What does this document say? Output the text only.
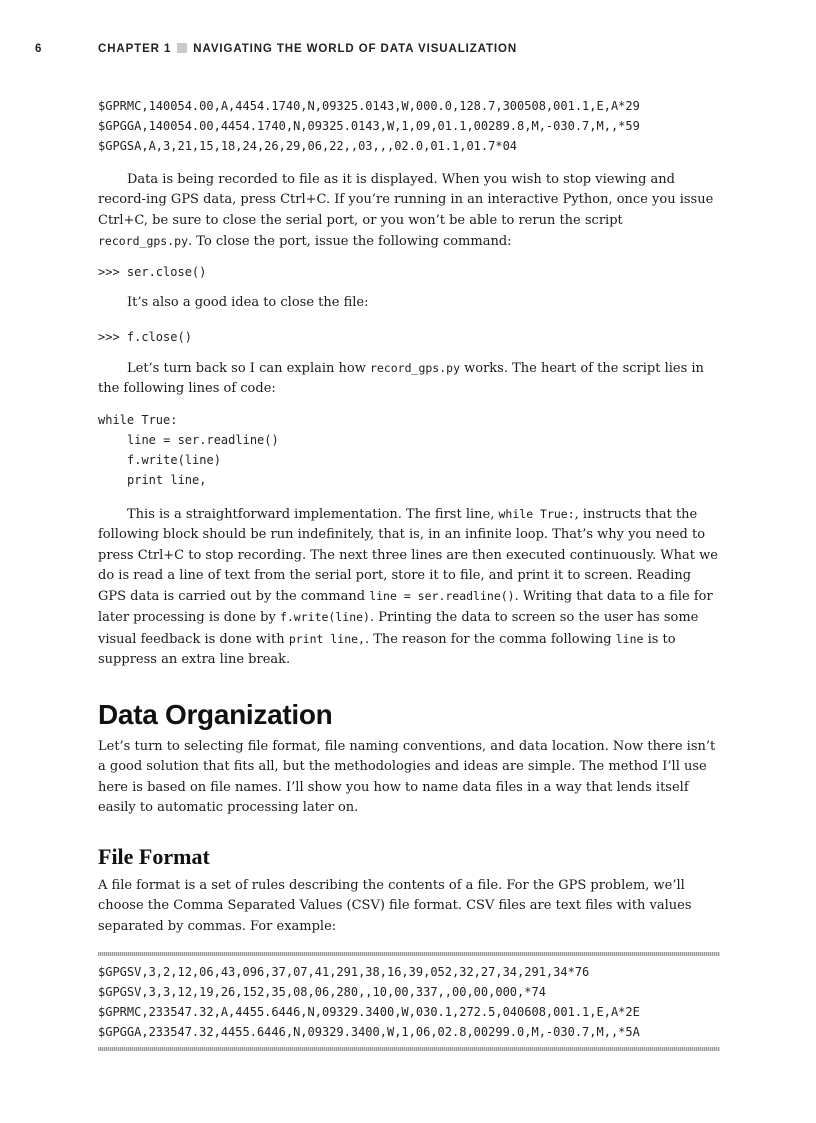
6	CHAPTER 1 NAVIGATING THE WORLD OF DATA VISUALIZATION
$GPRMC,140054.00,A,4454.1740,N,09325.0143,W,000.0,128.7,300508,001.1,E,A*29
$GPGGA,140054.00,4454.1740,N,09325.0143,W,1,09,01.1,00289.8,M,-030.7,M,,*59
$GPGSA,A,3,21,15,18,24,26,29,06,22,,03,,,02.0,01.1,01.7*04

Data is being recorded to file as it is displayed. When you wish to stop viewing and record-ing GPS data, press Ctrl+C. If you’re running in an interactive Python, once you issue Ctrl+C, be sure to close the serial port, or you won’t be able to rerun the script record_gps.py. To close the port, issue the following command:

>>> ser.close()

It’s also a good idea to close the file:

>>> f.close()

Let’s turn back so I can explain how record_gps.py works. The heart of the script lies in the following lines of code:

while True:
line = ser.readline()
f.write(line)
print line,

This is a straightforward implementation. The first line, while True:, instructs that the following block should be run indefinitely, that is, in an infinite loop. That’s why you need to press Ctrl+C to stop recording. The next three lines are then executed continuously. What we do is read a line of text from the serial port, store it to file, and print it to screen. Reading GPS data is carried out by the command line = ser.readline(). Writing that data to a file for later processing is done by f.write(line). Printing the data to screen so the user has some visual feedback is done with print line,. The reason for the comma following line is to suppress an extra line break.

Data Organization

Let’s turn to selecting file format, file naming conventions, and data location. Now there isn’t a good solution that fits all, but the methodologies and ideas are simple. The method I’ll use here is based on file names. I’ll show you how to name data files in a way that lends itself easily to automatic processing later on.

File Format

A file format is a set of rules describing the contents of a file. For the GPS problem, we’ll choose the Comma Separated Values (CSV) file format. CSV files are text files with values separated by commas. For example:

$GPGSV,3,2,12,06,43,096,37,07,41,291,38,16,39,052,32,27,34,291,34*76
$GPGSV,3,3,12,19,26,152,35,08,06,280,,10,00,337,,00,00,000,*74
$GPRMC,233547.32,A,4455.6446,N,09329.3400,W,030.1,272.5,040608,001.1,E,A*2E
$GPGGA,233547.32,4455.6446,N,09329.3400,W,1,06,02.8,00299.0,M,-030.7,M,,*5A
